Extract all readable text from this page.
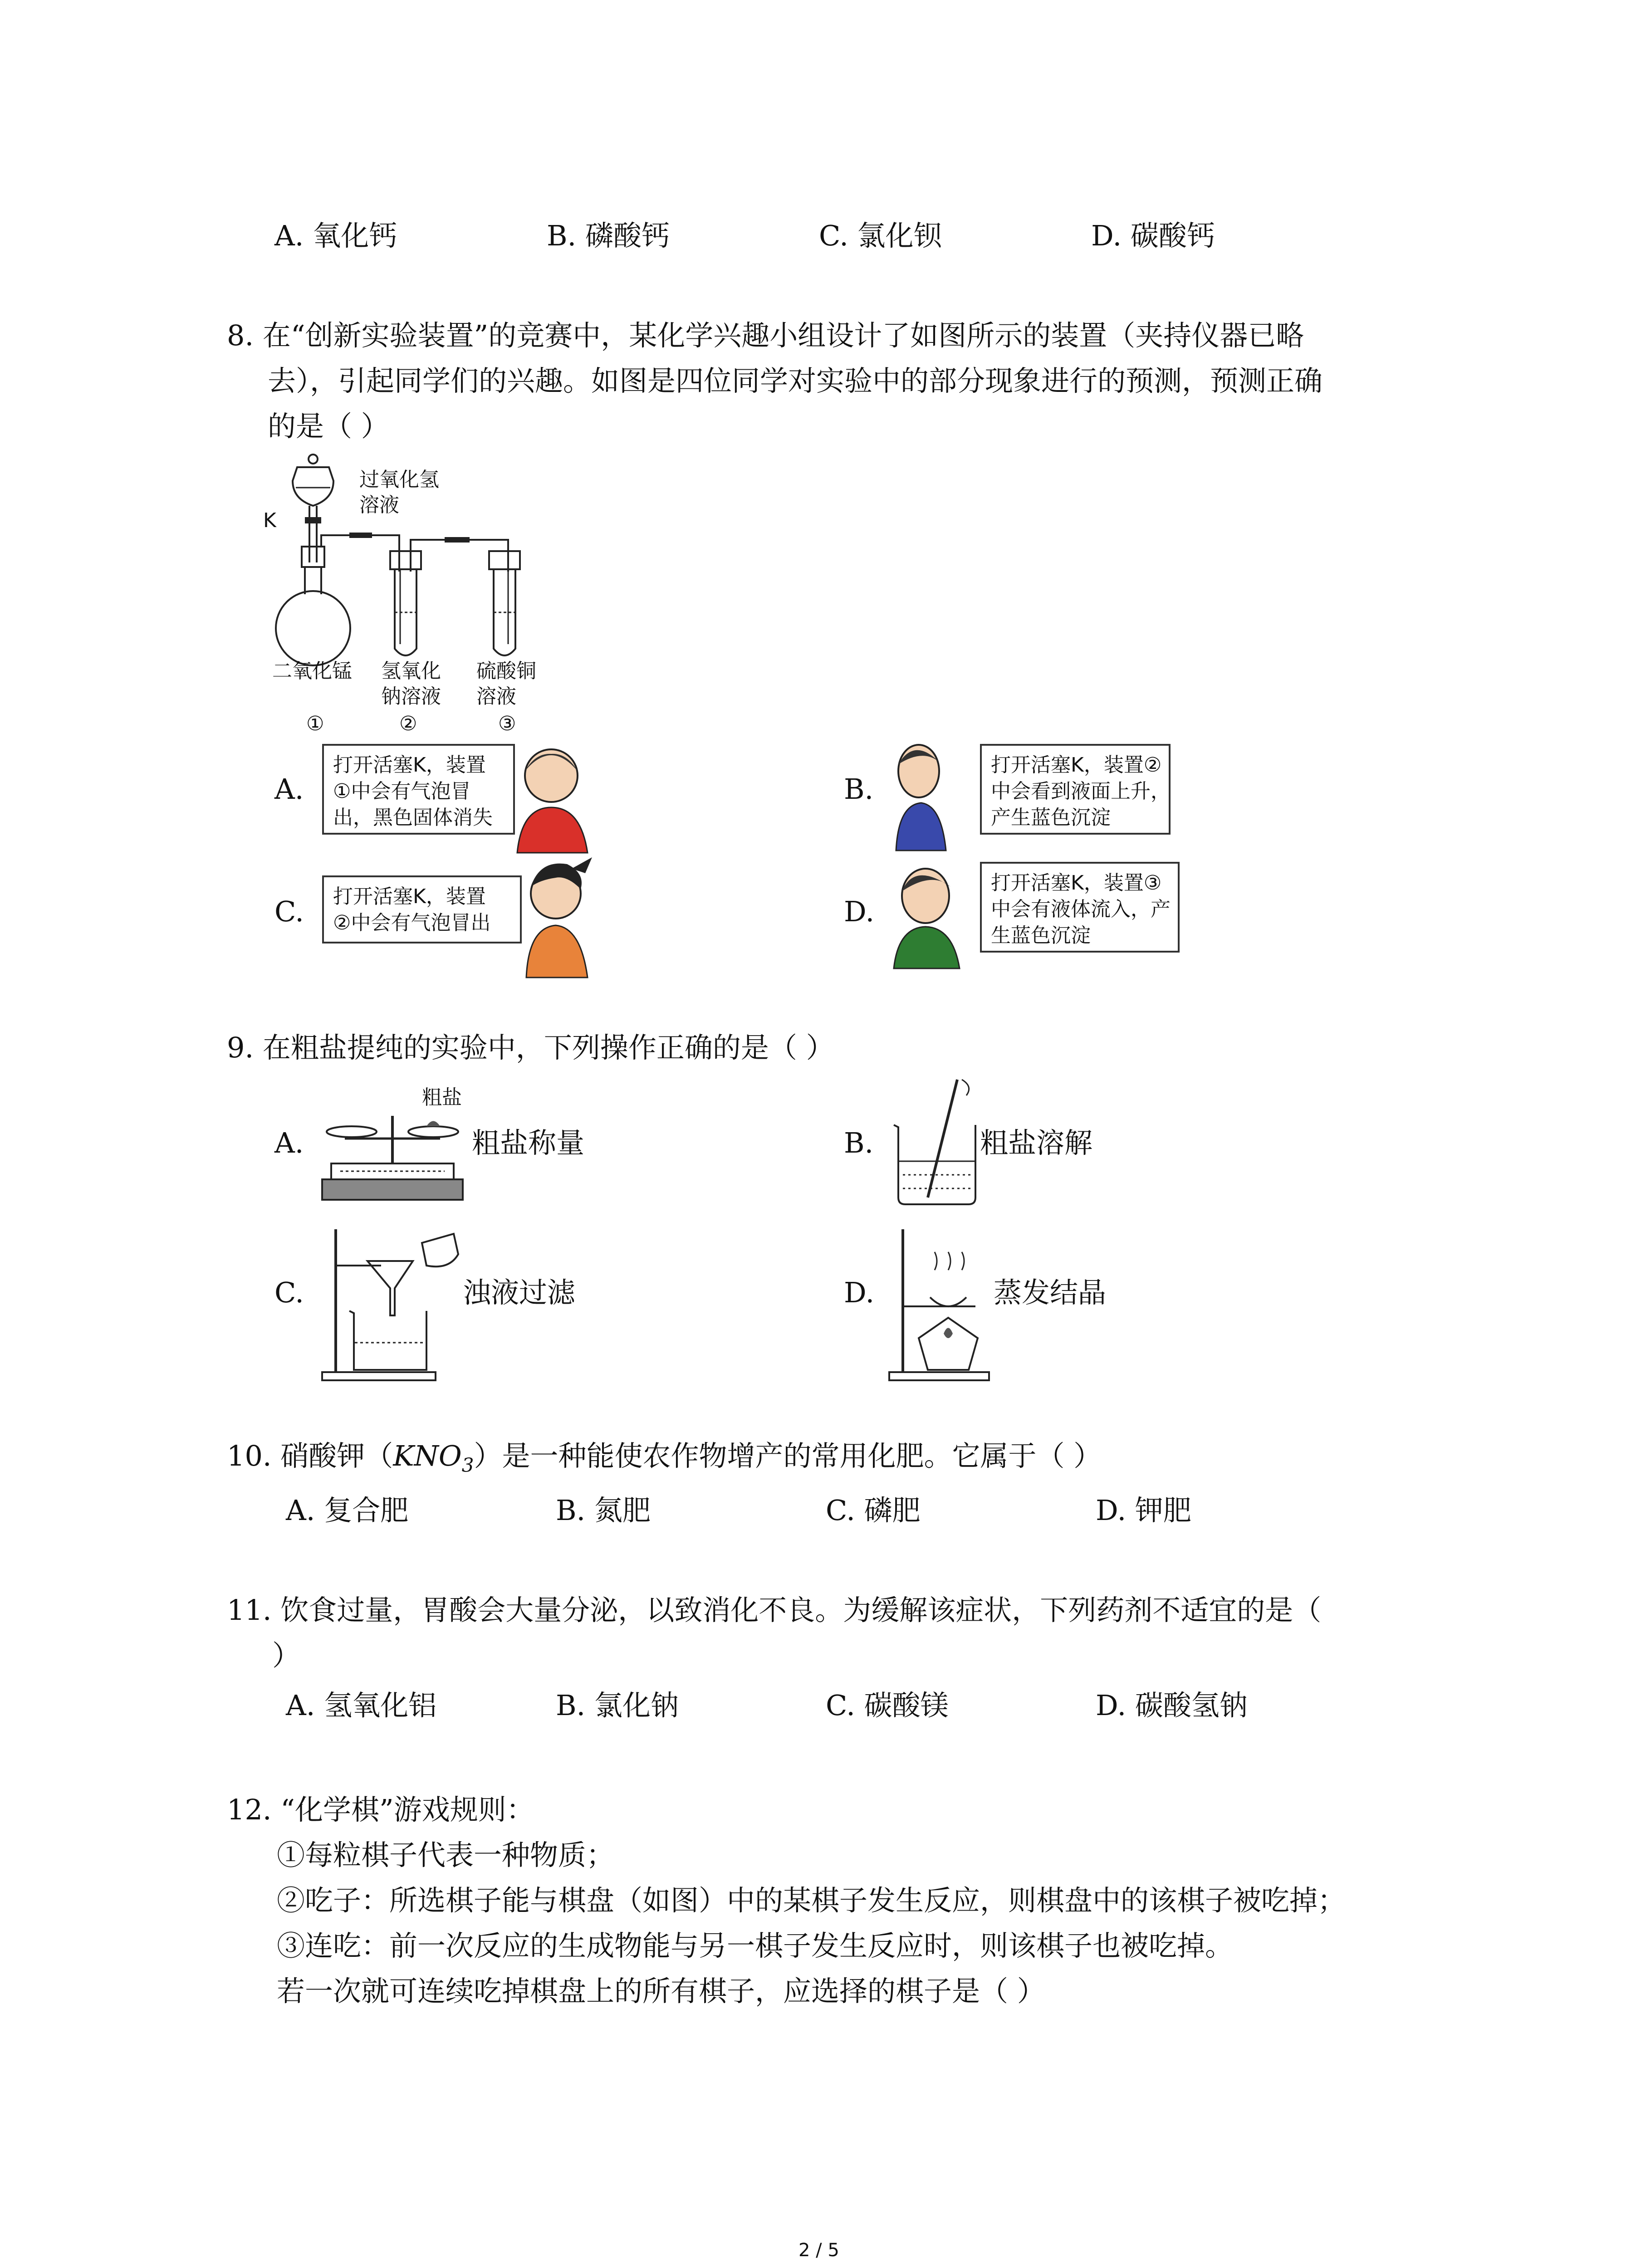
A. 氧化钙	B. 磷酸钙	C. 氯化钡	D. 碳酸钙
8. 在“创新实验装置”的竞赛中，某化学兴趣小组设计了如图所示的装置（夹持仪器已略
去），引起同学们的兴趣。如图是四位同学对实验中的部分现象进行的预测，预测正确
的是（ ）
过氧化氢
溶液
K
二氧化锰 氢氧化
钠溶液
硫酸铜
溶液
①	②	③
A.
打开活塞K，装置
①中会有气泡冒
出，黑色固体消失
B.
打开活塞K，装置②
中会看到液面上升，
产生蓝色沉淀
C. 打开活塞K，装置
②中会有气泡冒出	D.
打开活塞K，装置③
中会有液体流入，产
生蓝色沉淀
9. 在粗盐提纯的实验中，下列操作正确的是（ ）
A.
粗盐
粗盐称量	B.	粗盐溶解
C.	浊液过滤	D.	蒸发结晶
10. 硝酸钾$(KNO_3)$是一种能使农作物增产的常用化肥。它属于（ ）
A. 复合肥	B. 氮肥	C. 磷肥	D. 钾肥
11. 饮食过量，胃酸会大量分泌，以致消化不良。为缓解该症状，下列药剂不适宜的是（
）
A. 氢氧化铝	B. 氯化钠	C. 碳酸镁	D. 碳酸氢钠
12. “化学棋”游戏规则：
①每粒棋子代表一种物质；
②吃子：所选棋子能与棋盘（如图）中的某棋子发生反应，则棋盘中的该棋子被吃掉；
③连吃：前一次反应的生成物能与另一棋子发生反应时，则该棋子也被吃掉。
若一次就可连续吃掉棋盘上的所有棋子，应选择的棋子是（ ）
2 / 5
